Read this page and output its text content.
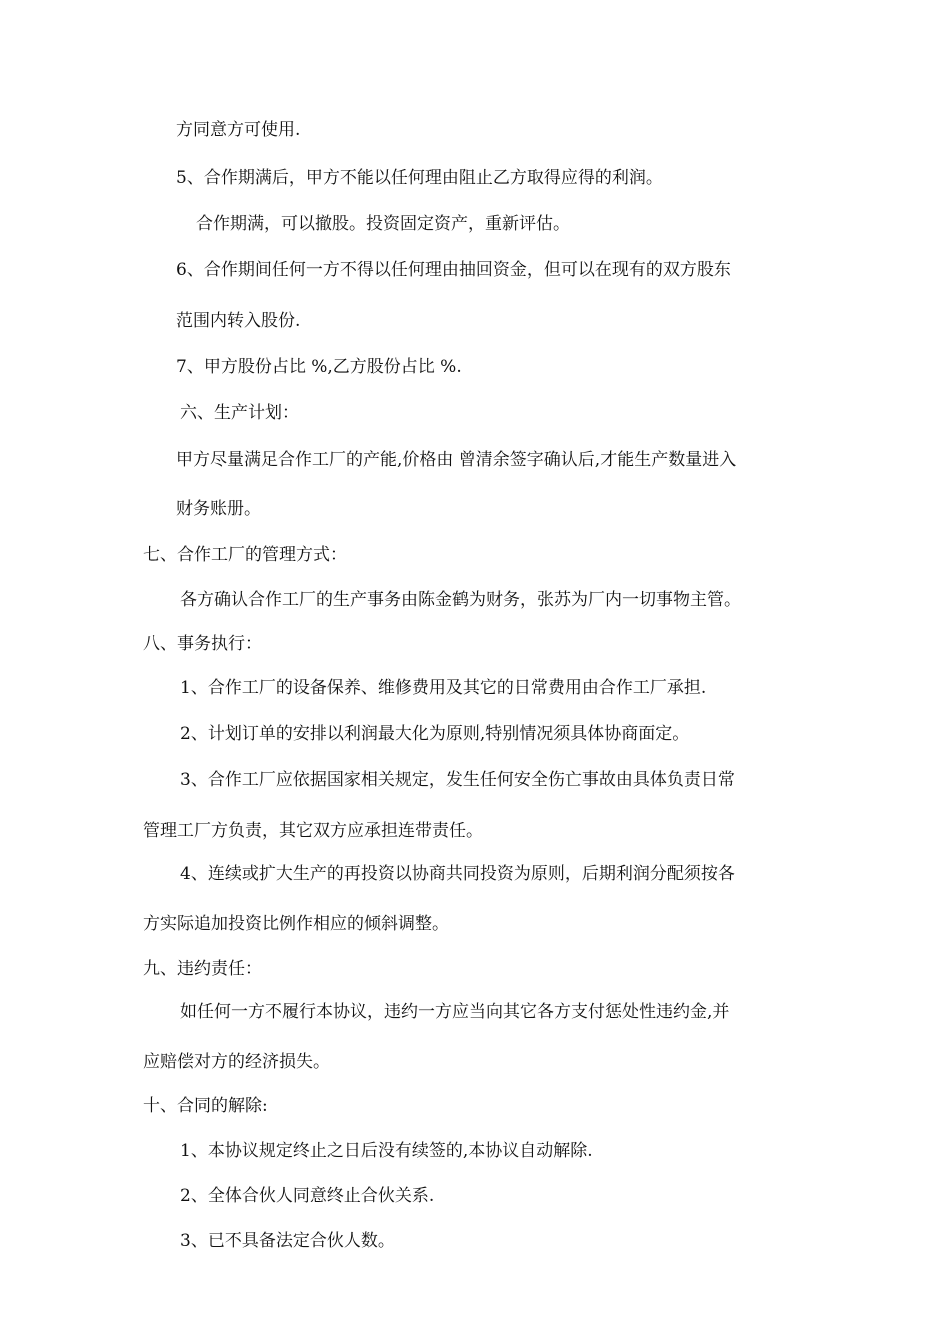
方同意方可使用.
5、合作期满后，甲方不能以任何理由阻止乙方取得应得的利润。
合作期满，可以撤股。投资固定资产，重新评估。
6、合作期间任何一方不得以任何理由抽回资金，但可以在现有的双方股东
范围内转入股份.
7、甲方股份占比 %,乙方股份占比 %.
六、生产计划：
甲方尽量满足合作工厂的产能,价格由 曾清余签字确认后,才能生产数量进入
财务账册。
七、合作工厂的管理方式：
各方确认合作工厂的生产事务由陈金鹤为财务，张苏为厂内一切事物主管。
八、事务执行：
1、合作工厂的设备保养、维修费用及其它的日常费用由合作工厂承担.
2、计划订单的安排以利润最大化为原则,特别情况须具体协商面定。
3、合作工厂应依据国家相关规定，发生任何安全伤亡事故由具体负责日常
管理工厂方负责，其它双方应承担连带责任。
4、连续或扩大生产的再投资以协商共同投资为原则，后期利润分配须按各
方实际追加投资比例作相应的倾斜调整。
九、违约责任：
如任何一方不履行本协议，违约一方应当向其它各方支付惩处性违约金,并
应赔偿对方的经济损失。
十、合同的解除:
1、本协议规定终止之日后没有续签的,本协议自动解除.
2、全体合伙人同意终止合伙关系.
3、已不具备法定合伙人数。
